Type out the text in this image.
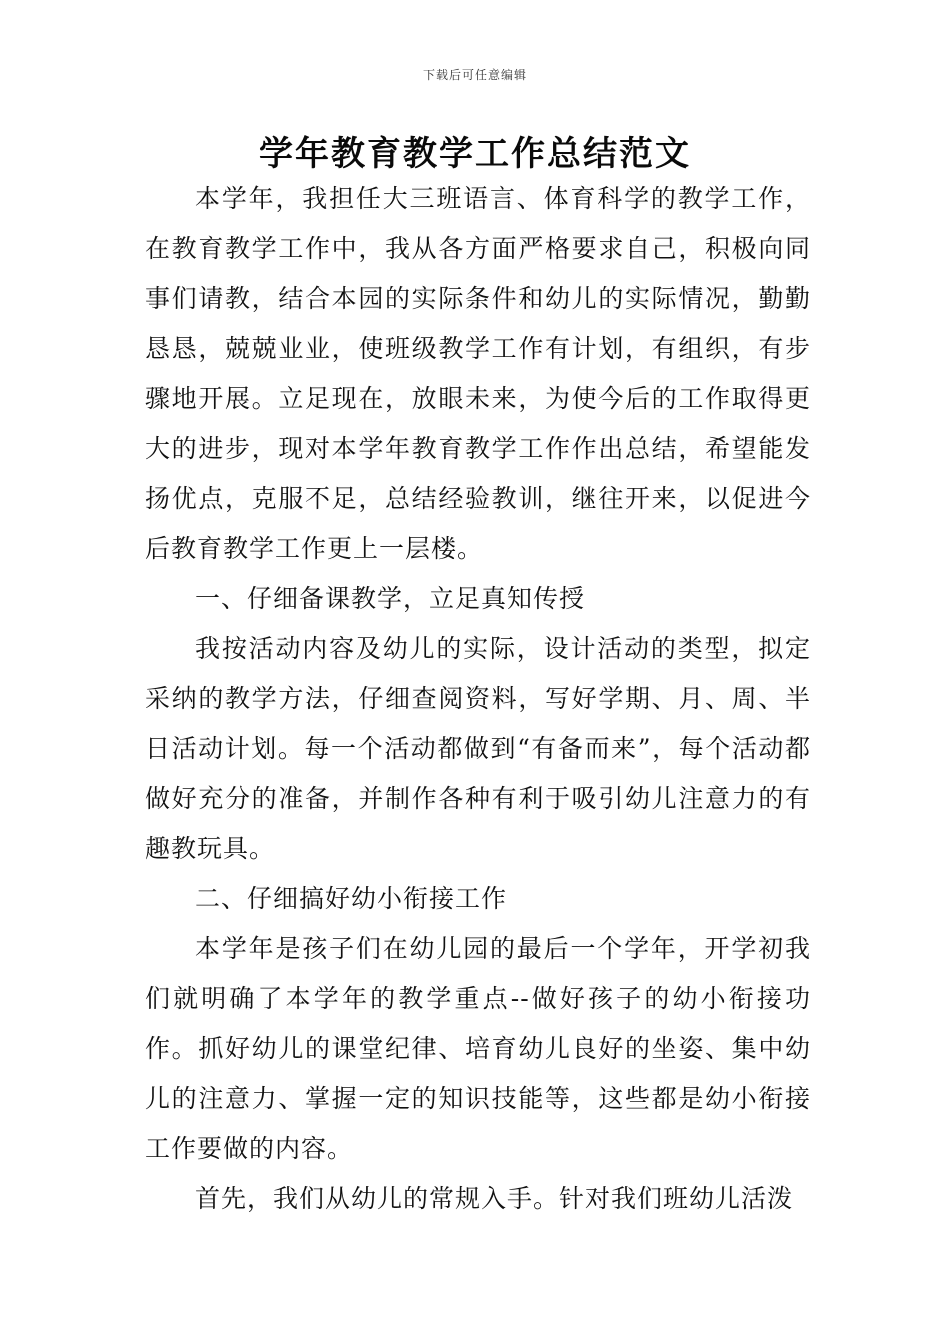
下载后可任意编辑
学年教育教学工作总结范文

本学年，我担任大三班语言、体育科学的教学工作，在教育教学工作中，我从各方面严格要求自己，积极向同事们请教，结合本园的实际条件和幼儿的实际情况，勤勤恳恳，兢兢业业，使班级教学工作有计划，有组织，有步骤地开展。立足现在，放眼未来，为使今后的工作取得更大的进步，现对本学年教育教学工作作出总结，希望能发扬优点，克服不足，总结经验教训，继往开来，以促进今后教育教学工作更上一层楼。

一、仔细备课教学，立足真知传授

我按活动内容及幼儿的实际，设计活动的类型，拟定采纳的教学方法，仔细查阅资料，写好学期、月、周、半日活动计划。每一个活动都做到“有备而来”，每个活动都做好充分的准备，并制作各种有利于吸引幼儿注意力的有趣教玩具。

二、仔细搞好幼小衔接工作

本学年是孩子们在幼儿园的最后一个学年，开学初我们就明确了本学年的教学重点--做好孩子的幼小衔接功作。抓好幼儿的课堂纪律、培育幼儿良好的坐姿、集中幼儿的注意力、掌握一定的知识技能等，这些都是幼小衔接工作要做的内容。

首先，我们从幼儿的常规入手。针对我们班幼儿活泼
